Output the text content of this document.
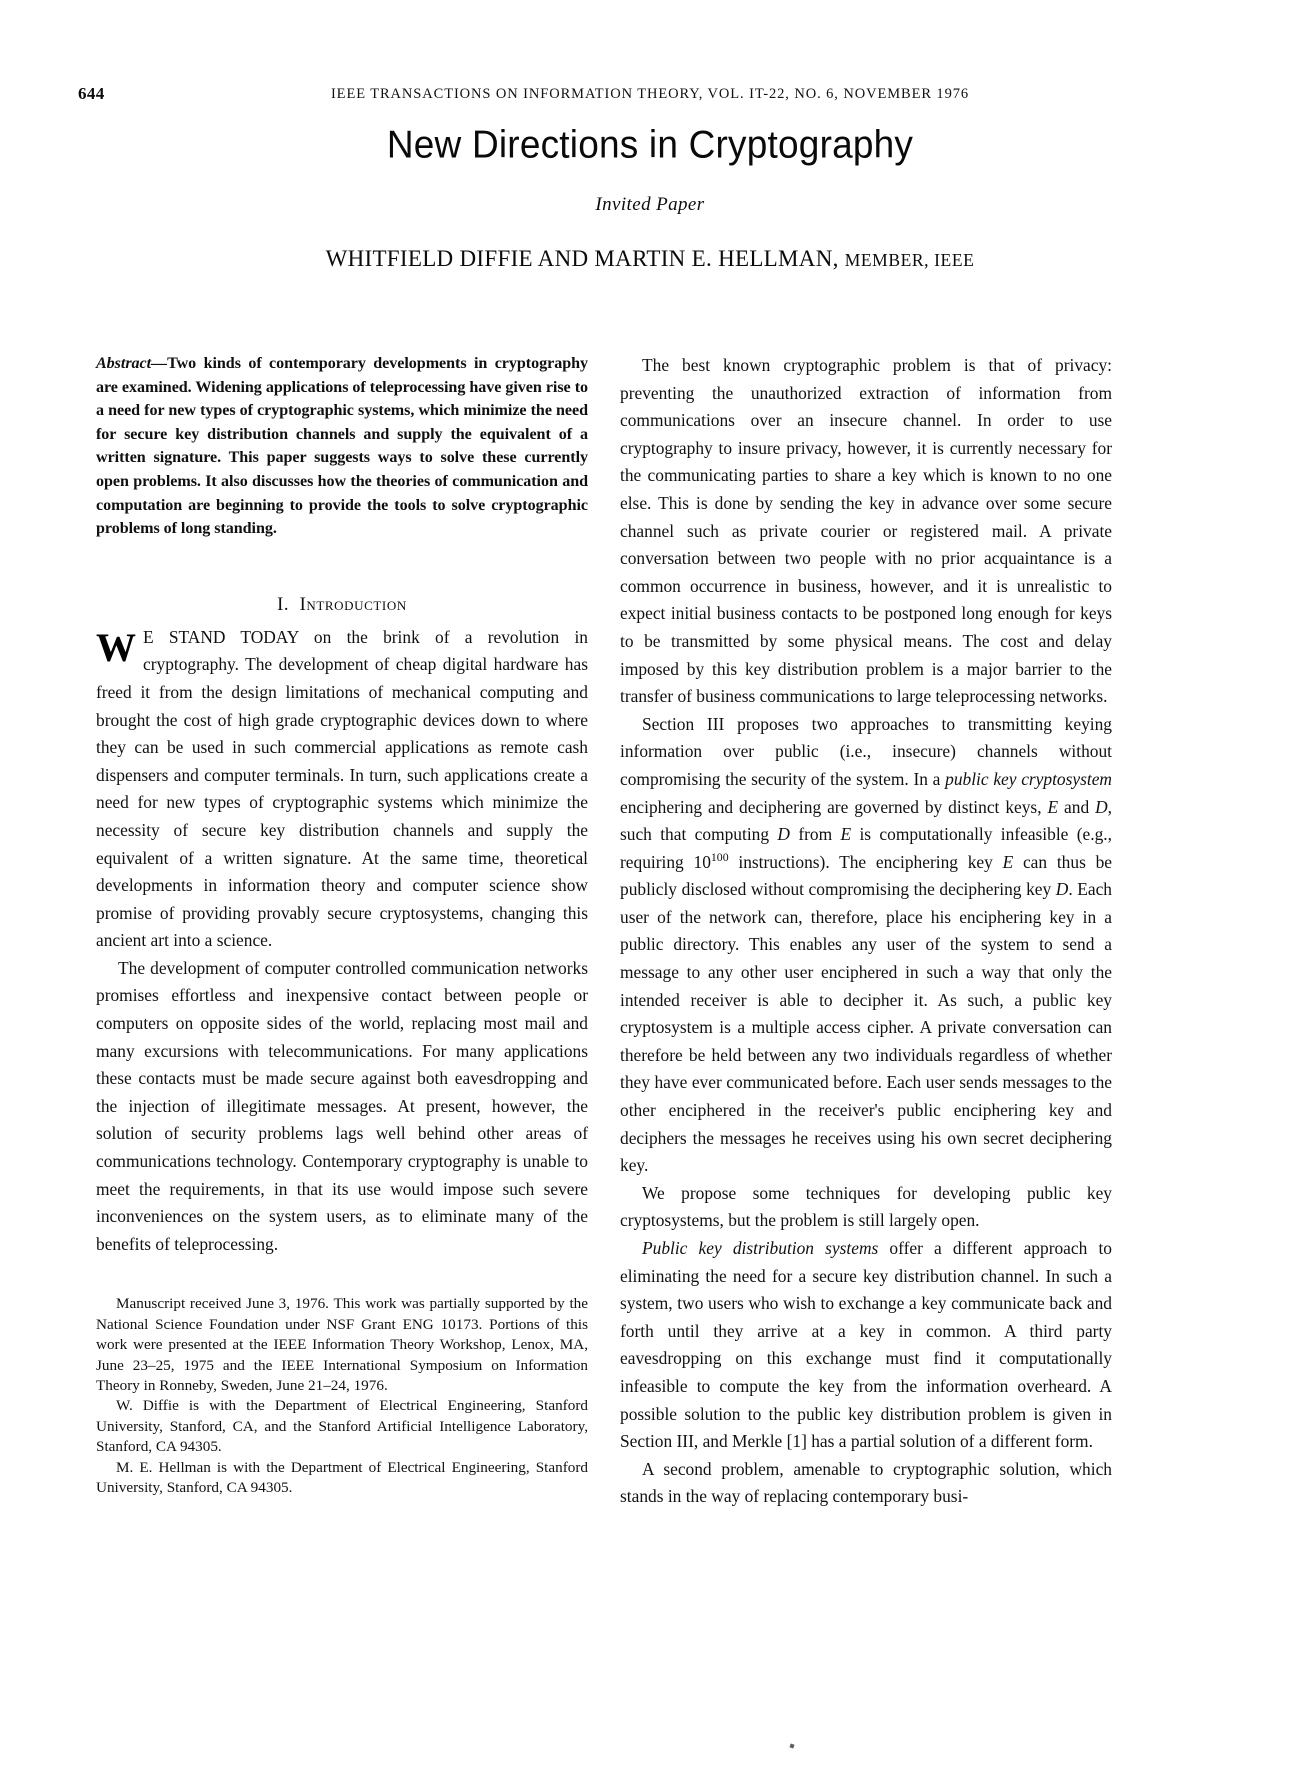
644	IEEE TRANSACTIONS ON INFORMATION THEORY, VOL. IT-22, NO. 6, NOVEMBER 1976
New Directions in Cryptography
Invited Paper
WHITFIELD DIFFIE AND MARTIN E. HELLMAN, MEMBER, IEEE
Abstract—Two kinds of contemporary developments in cryptography are examined. Widening applications of teleprocessing have given rise to a need for new types of cryptographic systems, which minimize the need for secure key distribution channels and supply the equivalent of a written signature. This paper suggests ways to solve these currently open problems. It also discusses how the theories of communication and computation are beginning to provide the tools to solve cryptographic problems of long standing.
I. Introduction
W E STAND TODAY on the brink of a revolution in cryptography. The development of cheap digital hardware has freed it from the design limitations of mechanical computing and brought the cost of high grade cryptographic devices down to where they can be used in such commercial applications as remote cash dispensers and computer terminals. In turn, such applications create a need for new types of cryptographic systems which minimize the necessity of secure key distribution channels and supply the equivalent of a written signature. At the same time, theoretical developments in information theory and computer science show promise of providing provably secure cryptosystems, changing this ancient art into a science.

The development of computer controlled communication networks promises effortless and inexpensive contact between people or computers on opposite sides of the world, replacing most mail and many excursions with telecommunications. For many applications these contacts must be made secure against both eavesdropping and the injection of illegitimate messages. At present, however, the solution of security problems lags well behind other areas of communications technology. Contemporary cryptography is unable to meet the requirements, in that its use would impose such severe inconveniences on the system users, as to eliminate many of the benefits of teleprocessing.

Manuscript received June 3, 1976. This work was partially supported by the National Science Foundation under NSF Grant ENG 10173. Portions of this work were presented at the IEEE Information Theory Workshop, Lenox, MA, June 23–25, 1975 and the IEEE International Symposium on Information Theory in Ronneby, Sweden, June 21–24, 1976.

W. Diffie is with the Department of Electrical Engineering, Stanford University, Stanford, CA, and the Stanford Artificial Intelligence Laboratory, Stanford, CA 94305.

M. E. Hellman is with the Department of Electrical Engineering, Stanford University, Stanford, CA 94305.

The best known cryptographic problem is that of privacy: preventing the unauthorized extraction of information from communications over an insecure channel. In order to use cryptography to insure privacy, however, it is currently necessary for the communicating parties to share a key which is known to no one else. This is done by sending the key in advance over some secure channel such as private courier or registered mail. A private conversation between two people with no prior acquaintance is a common occurrence in business, however, and it is unrealistic to expect initial business contacts to be postponed long enough for keys to be transmitted by some physical means. The cost and delay imposed by this key distribution problem is a major barrier to the transfer of business communications to large teleprocessing networks.

Section III proposes two approaches to transmitting keying information over public (i.e., insecure) channels without compromising the security of the system. In a public key cryptosystem enciphering and deciphering are governed by distinct keys, E and D, such that computing D from E is computationally infeasible (e.g., requiring $10^{100}$ instructions). The enciphering key E can thus be publicly disclosed without compromising the deciphering key D. Each user of the network can, therefore, place his enciphering key in a public directory. This enables any user of the system to send a message to any other user enciphered in such a way that only the intended receiver is able to decipher it. As such, a public key cryptosystem is a multiple access cipher. A private conversation can therefore be held between any two individuals regardless of whether they have ever communicated before. Each user sends messages to the other enciphered in the receiver's public enciphering key and deciphers the messages he receives using his own secret deciphering key.

We propose some techniques for developing public key cryptosystems, but the problem is still largely open.

Public key distribution systems offer a different approach to eliminating the need for a secure key distribution channel. In such a system, two users who wish to exchange a key communicate back and forth until they arrive at a key in common. A third party eavesdropping on this exchange must find it computationally infeasible to compute the key from the information overheard. A possible solution to the public key distribution problem is given in Section III, and Merkle [1] has a partial solution of a different form.

A second problem, amenable to cryptographic solution, which stands in the way of replacing contemporary busi-
